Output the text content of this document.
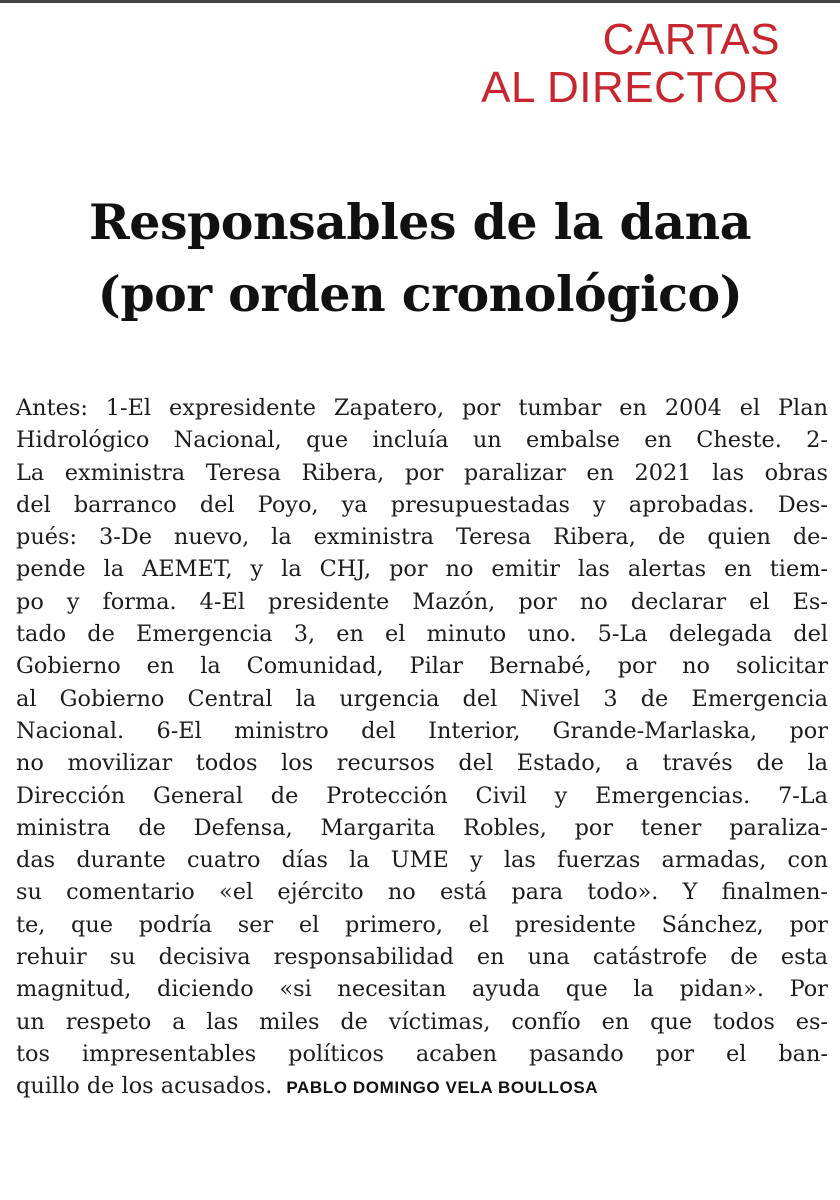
CARTAS
AL DIRECTOR
Responsables de la dana
(por orden cronológico)
Antes: 1-El expresidente Zapatero, por tumbar en 2004 el Plan
Hidrológico Nacional, que incluía un embalse en Cheste. 2-
La exministra Teresa Ribera, por paralizar en 2021 las obras
del barranco del Poyo, ya presupuestadas y aprobadas. Des-
pués: 3-De nuevo, la exministra Teresa Ribera, de quien de-
pende la AEMET, y la CHJ, por no emitir las alertas en tiem-
po y forma. 4-El presidente Mazón, por no declarar el Es-
tado de Emergencia 3, en el minuto uno. 5-La delegada del
Gobierno en la Comunidad, Pilar Bernabé, por no solicitar
al Gobierno Central la urgencia del Nivel 3 de Emergencia
Nacional. 6-El ministro del Interior, Grande-Marlaska, por
no movilizar todos los recursos del Estado, a través de la
Dirección General de Protección Civil y Emergencias. 7-La
ministra de Defensa, Margarita Robles, por tener paraliza-
das durante cuatro días la UME y las fuerzas armadas, con
su comentario «el ejército no está para todo». Y finalmen-
te, que podría ser el primero, el presidente Sánchez, por
rehuir su decisiva responsabilidad en una catástrofe de esta
magnitud, diciendo «si necesitan ayuda que la pidan». Por
un respeto a las miles de víctimas, confío en que todos es-
tos impresentables políticos acaben pasando por el ban-
quillo de los acusados. PABLO DOMINGO VELA BOULLOSA
